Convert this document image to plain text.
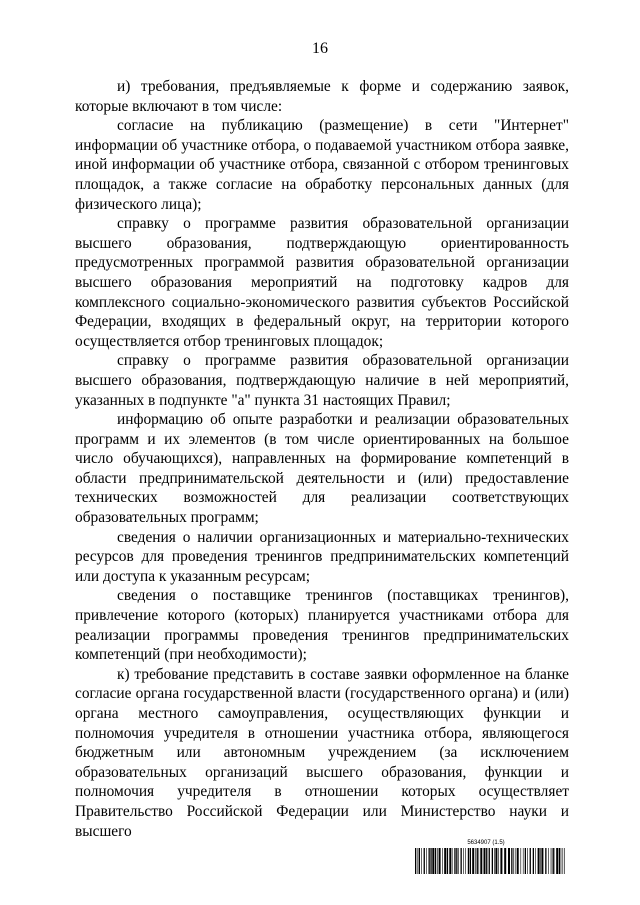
16

и) требования, предъявляемые к форме и содержанию заявок, которые включают в том числе:

согласие на публикацию (размещение) в сети "Интернет" информации об участнике отбора, о подаваемой участником отбора заявке, иной информации об участнике отбора, связанной с отбором тренинговых площадок, а также согласие на обработку персональных данных (для физического лица);

справку о программе развития образовательной организации высшего образования, подтверждающую ориентированность предусмотренных программой развития образовательной организации высшего образования мероприятий на подготовку кадров для комплексного социально-экономического развития субъектов Российской Федерации, входящих в федеральный округ, на территории которого осуществляется отбор тренинговых площадок;

справку о программе развития образовательной организации высшего образования, подтверждающую наличие в ней мероприятий, указанных в подпункте "а" пункта 31 настоящих Правил;

информацию об опыте разработки и реализации образовательных программ и их элементов (в том числе ориентированных на большое число обучающихся), направленных на формирование компетенций в области предпринимательской деятельности и (или) предоставление технических возможностей для реализации соответствующих образовательных программ;

сведения о наличии организационных и материально-технических ресурсов для проведения тренингов предпринимательских компетенций или доступа к указанным ресурсам;

сведения о поставщике тренингов (поставщиках тренингов), привлечение которого (которых) планируется участниками отбора для реализации программы проведения тренингов предпринимательских компетенций (при необходимости);

к) требование представить в составе заявки оформленное на бланке согласие органа государственной власти (государственного органа) и (или) органа местного самоуправления, осуществляющих функции и полномочия учредителя в отношении участника отбора, являющегося бюджетным или автономным учреждением (за исключением образовательных организаций высшего образования, функции и полномочия учредителя в отношении которых осуществляет Правительство Российской Федерации или Министерство науки и высшего

5634907 (1.5)
